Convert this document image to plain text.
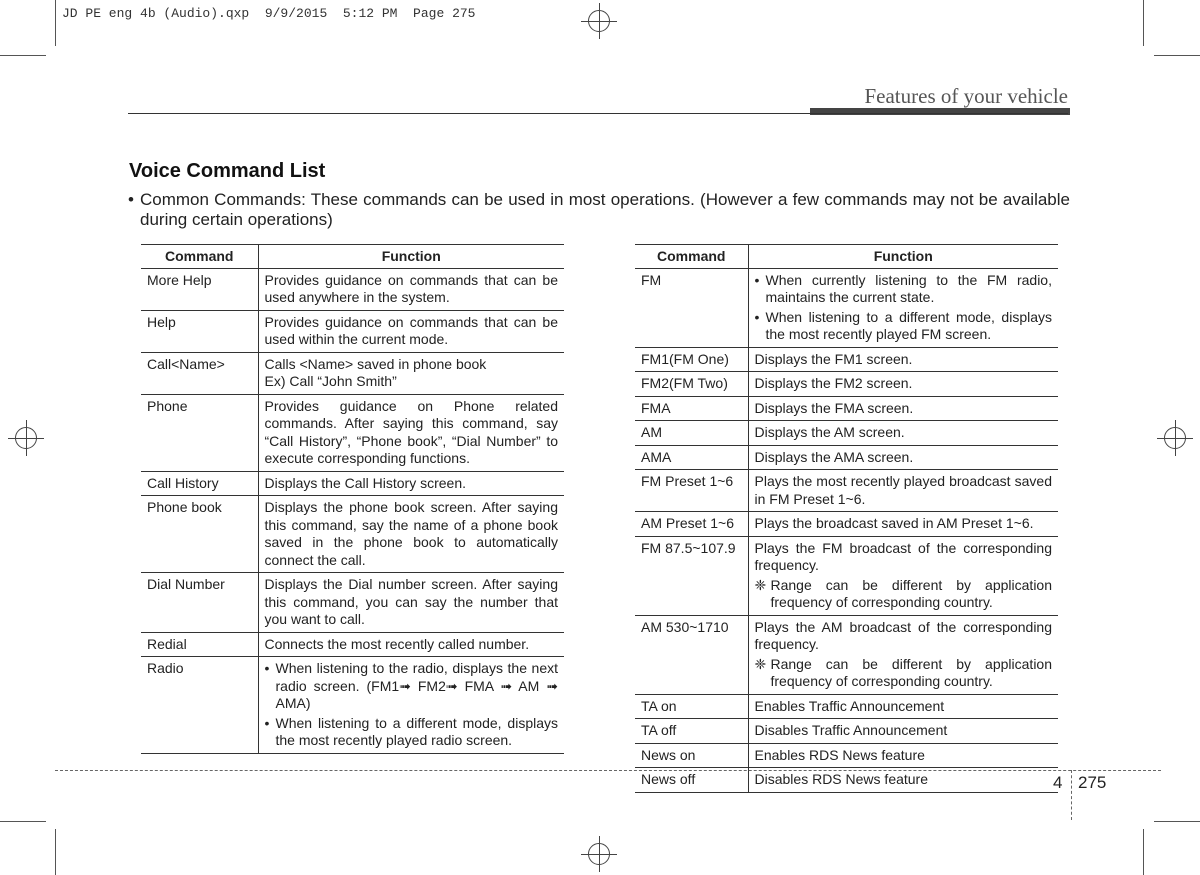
JD PE eng 4b (Audio).qxp  9/9/2015  5:12 PM  Page 275
Features of your vehicle
Voice Command List
• Common Commands: These commands can be used in most operations. (However a few commands may not be available during certain operations)
Command	Function
More Help	Provides guidance on commands that can be used anywhere in the system.
Help	Provides guidance on commands that can be used within the current mode.
Call<Name>	Calls <Name> saved in phone book
Ex) Call “John Smith”

Phone	Provides guidance on Phone related commands. After saying this command, say “Call History”, “Phone book”, “Dial Number” to execute corresponding functions.
Call History	Displays the Call History screen.
Phone book	Displays the phone book screen. After saying this command, say the name of a phone book saved in the phone book to automatically connect the call.
Dial Number	Displays the Dial number screen. After saying this command, you can say the number that you want to call.
Redial	Connects the most recently called number.
Radio	• When listening to the radio, displays the next radio screen. (FM1➟ FM2➟ FMA ➟ AM ➟ AMA)
• When listening to a different mode, displays the most recently played radio screen.
Command	Function
FM	• When currently listening to the FM radio, maintains the current state.
• When listening to a different mode, displays the most recently played FM screen.

FM1(FM One)	Displays the FM1 screen.
FM2(FM Two)	Displays the FM2 screen.
FMA	Displays the FMA screen.
AM	Displays the AM screen.
AMA	Displays the AMA screen.
FM Preset 1~6	Plays the most recently played broadcast saved in FM Preset 1~6.
AM Preset 1~6	Plays the broadcast saved in AM Preset 1~6.
FM 87.5~107.9	Plays the FM broadcast of the corresponding frequency.
❈ Range can be different by application frequency of corresponding country.

AM 530~1710	Plays the AM broadcast of the corresponding frequency.
❈ Range can be different by application frequency of corresponding country.

TA on	Enables Traffic Announcement
TA off	Disables Traffic Announcement
News on	Enables RDS News feature
News off	Disables RDS News feature	4 275
